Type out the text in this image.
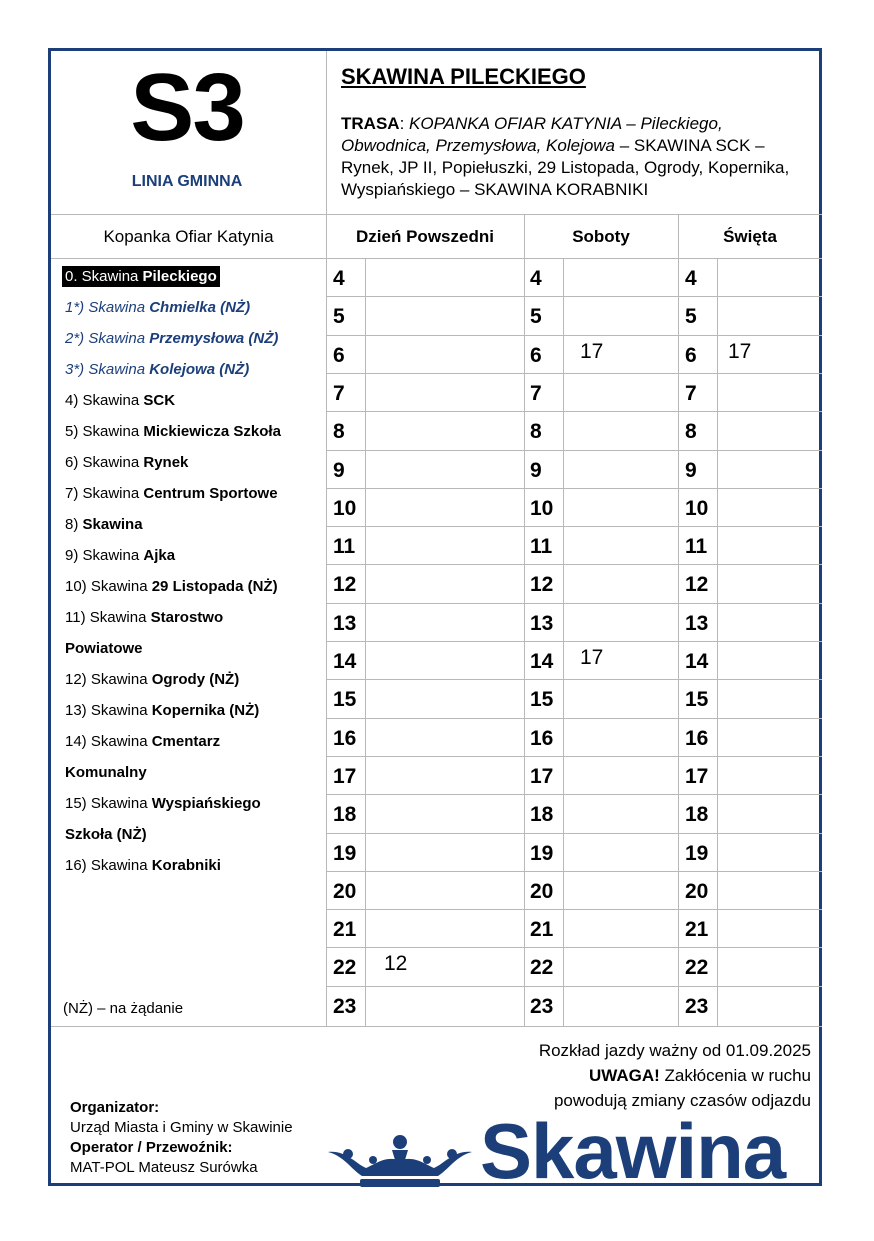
S3
LINIA GMINNA
SKAWINA PILECKIEGO
TRASA: KOPANKA OFIAR KATYNIA – Pileckiego, Obwodnica, Przemysłowa, Kolejowa – SKAWINA SCK – Rynek, JP II, Popiełuszki, 29 Listopada, Ogrody, Kopernika, Wyspiańskiego – SKAWINA KORABNIKI
Kopanka Ofiar Katynia	Dzień Powszedni	Soboty	Święta
0. Skawina Pileckiego
1*) Skawina Chmielka (NŻ)
2*) Skawina Przemysłowa (NŻ)
3*) Skawina Kolejowa (NŻ)
4) Skawina SCK
5) Skawina Mickiewicza Szkoła
6) Skawina Rynek
7) Skawina Centrum Sportowe
8) Skawina
9) Skawina Ajka
10) Skawina 29 Listopada (NŻ)
11) Skawina Starostwo
Powiatowe
12) Skawina Ogrody (NŻ)
13) Skawina Kopernika (NŻ)
14) Skawina Cmentarz
Komunalny
15) Skawina Wyspiańskiego
Szkoła (NŻ)
16) Skawina Korabniki
(NŻ) – na żądanie
4	4	4
5	5	5
6	6 17	6 17
7	7	7
8	8	8
9	9	9
10	10	10
11	11	11
12	12	12
13	13	13
14	14 17	14
15	15	15
16	16	16
17	17	17
18	18	18
19	19	19
20	20	20
21	21	21
22 12	22	22
23	23	23
Rozkład jazdy ważny od 01.09.2025
UWAGA! Zakłócenia w ruchu
powodują zmiany czasów odjazdu
Organizator:
Urząd Miasta i Gminy w Skawinie
Operator / Przewoźnik:
MAT-POL Mateusz Surówka	Skawina
